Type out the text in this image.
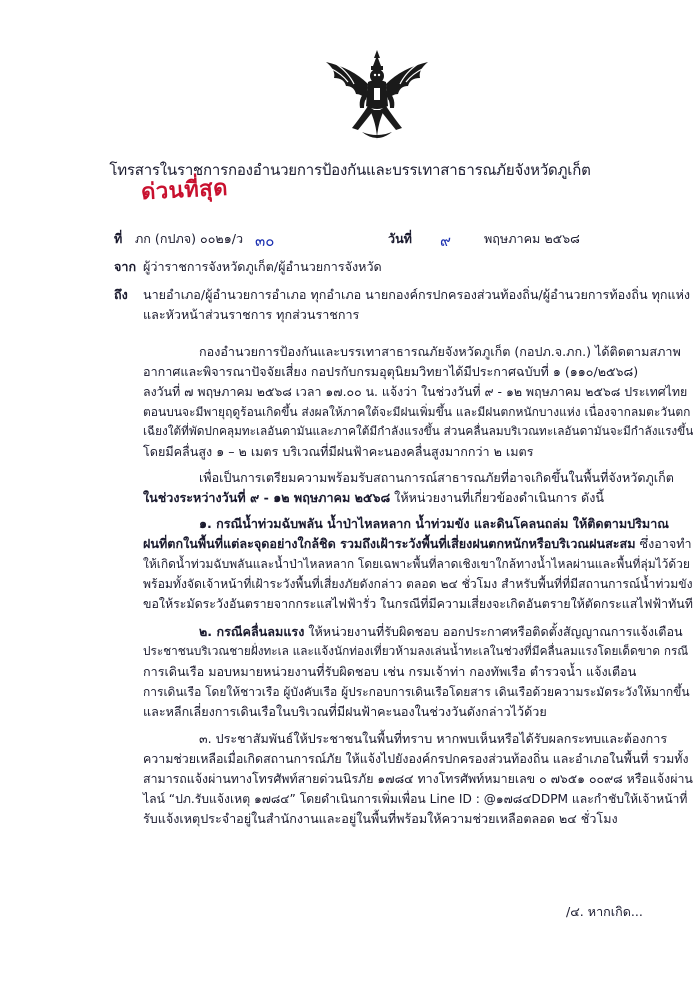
โทรสารในราชการกองอำนวยการป้องกันและบรรเทาสาธารณภัยจังหวัดภูเก็ต
ด่วนที่สุด
ที่ ภก (กปภจ) ๐๐๒๑/ว ๓๐	วันที่ ๙	พฤษภาคม ๒๕๖๘
จาก ผู้ว่าราชการจังหวัดภูเก็ต/ผู้อำนวยการจังหวัด
ถึง นายอำเภอ/ผู้อำนวยการอำเภอ ทุกอำเภอ นายกองค์กรปกครองส่วนท้องถิ่น/ผู้อำนวยการท้องถิ่น ทุกแห่ง
และหัวหน้าส่วนราชการ ทุกส่วนราชการ
กองอำนวยการป้องกันและบรรเทาสาธารณภัยจังหวัดภูเก็ต (กอปภ.จ.ภก.) ได้ติดตามสภาพ
อากาศและพิจารณาปัจจัยเสี่ยง กอปรกับกรมอุตุนิยมวิทยาได้มีประกาศฉบับที่ ๑ (๑๑๐/๒๕๖๘)
ลงวันที่ ๗ พฤษภาคม ๒๕๖๘ เวลา ๑๗.๐๐ น. แจ้งว่า ในช่วงวันที่ ๙ - ๑๒ พฤษภาคม ๒๕๖๘ ประเทศไทย
ตอนบนจะมีพายุฤดูร้อนเกิดขึ้น ส่งผลให้ภาคใต้จะมีฝนเพิ่มขึ้น และมีฝนตกหนักบางแห่ง เนื่องจากลมตะวันตก
เฉียงใต้ที่พัดปกคลุมทะเลอันดามันและภาคใต้มีกำลังแรงขึ้น ส่วนคลื่นลมบริเวณทะเลอันดามันจะมีกำลังแรงขึ้น
โดยมีคลื่นสูง ๑ – ๒ เมตร บริเวณที่มีฝนฟ้าคะนองคลื่นสูงมากกว่า ๒ เมตร
เพื่อเป็นการเตรียมความพร้อมรับสถานการณ์สาธารณภัยที่อาจเกิดขึ้นในพื้นที่จังหวัดภูเก็ต
ในช่วงระหว่างวันที่ ๙ - ๑๒ พฤษภาคม ๒๕๖๘ ให้หน่วยงานที่เกี่ยวข้องดำเนินการ ดังนี้
๑. กรณีน้ำท่วมฉับพลัน น้ำป่าไหลหลาก น้ำท่วมขัง และดินโคลนถล่ม ให้ติดตามปริมาณ
ฝนที่ตกในพื้นที่แต่ละจุดอย่างใกล้ชิด รวมถึงเฝ้าระวังพื้นที่เสี่ยงฝนตกหนักหรือบริเวณฝนสะสม ซึ่งอาจทำ
ให้เกิดน้ำท่วมฉับพลันและน้ำป่าไหลหลาก โดยเฉพาะพื้นที่ลาดเชิงเขาใกล้ทางน้ำไหลผ่านและพื้นที่ลุ่มไว้ด้วย
พร้อมทั้งจัดเจ้าหน้าที่เฝ้าระวังพื้นที่เสี่ยงภัยดังกล่าว ตลอด ๒๔ ชั่วโมง สำหรับพื้นที่ที่มีสถานการณ์น้ำท่วมขัง
ขอให้ระมัดระวังอันตรายจากกระแสไฟฟ้ารั่ว ในกรณีที่มีความเสี่ยงจะเกิดอันตรายให้ตัดกระแสไฟฟ้าทันที
๒. กรณีคลื่นลมแรง ให้หน่วยงานที่รับผิดชอบ ออกประกาศหรือติดตั้งสัญญาณการแจ้งเตือน
ประชาชนบริเวณชายฝั่งทะเล และแจ้งนักท่องเที่ยวห้ามลงเล่นน้ำทะเลในช่วงที่มีคลื่นลมแรงโดยเด็ดขาด กรณี
การเดินเรือ มอบหมายหน่วยงานที่รับผิดชอบ เช่น กรมเจ้าท่า กองทัพเรือ ตำรวจน้ำ แจ้งเตือน
การเดินเรือ โดยให้ชาวเรือ ผู้บังคับเรือ ผู้ประกอบการเดินเรือโดยสาร เดินเรือด้วยความระมัดระวังให้มากขึ้น
และหลีกเลี่ยงการเดินเรือในบริเวณที่มีฝนฟ้าคะนองในช่วงวันดังกล่าวไว้ด้วย
๓. ประชาสัมพันธ์ให้ประชาชนในพื้นที่ทราบ หากพบเห็นหรือได้รับผลกระทบและต้องการ
ความช่วยเหลือเมื่อเกิดสถานการณ์ภัย ให้แจ้งไปยังองค์กรปกครองส่วนท้องถิ่น และอำเภอในพื้นที่ รวมทั้ง
สามารถแจ้งผ่านทางโทรศัพท์สายด่วนนิรภัย ๑๗๘๔ ทางโทรศัพท์หมายเลข ๐ ๗๖๕๑ ๐๐๙๘ หรือแจ้งผ่าน
ไลน์ “ปภ.รับแจ้งเหตุ ๑๗๘๔” โดยดำเนินการเพิ่มเพื่อน Line ID : @๑๗๘๔DDPM และกำชับให้เจ้าหน้าที่
รับแจ้งเหตุประจำอยู่ในสำนักงานและอยู่ในพื้นที่พร้อมให้ความช่วยเหลือตลอด ๒๔ ชั่วโมง
/๔. หากเกิด...
